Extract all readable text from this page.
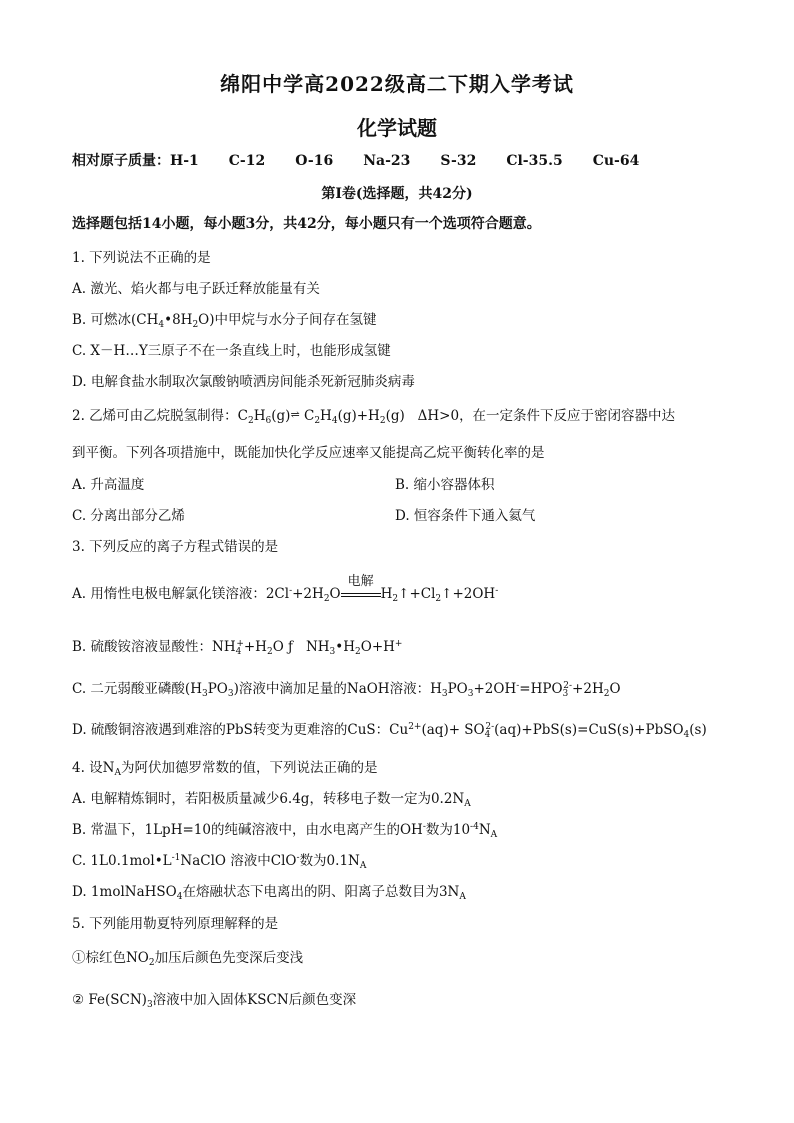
绵阳中学高2022级高二下期入学考试
化学试题
相对原子质量：H-1 C-12 O-16 Na-23 S-32 Cl-35.5 Cu-64
第Ⅰ卷(选择题，共42分)
选择题包括14小题，每小题3分，共42分，每小题只有一个选项符合题意。
1. 下列说法不正确的是
A. 激光、焰火都与电子跃迁释放能量有关
B. 可燃冰$(CH_4•8H_2O)$中甲烷与水分子间存在氢键
C. X－H…Y三原子不在一条直线上时，也能形成氢键
D. 电解食盐水制取次氯酸钠喷洒房间能杀死新冠肺炎病毒
2. 乙烯可由乙烷脱氢制得：$C_2H_6(g)\rightleftharpoons$ $C_2H_4(g)+H_2(g)$ ΔH>0，在一定条件下反应于密闭容器中达
到平衡。下列各项措施中，既能加快化学反应速率又能提高乙烷平衡转化率的是
A. 升高温度	B. 缩小容器体积
C. 分离出部分乙烯	D. 恒容条件下通入氦气
3. 下列反应的离子方程式错误的是
A. 用惰性电极电解氯化镁溶液：$2Cl^-+2H_2O$
电解
$H_2↑+Cl_2↑+2OH^-$
B. 硫酸铵溶液显酸性：$NH_4^++H_2O$ ƒ $NH_3•H_2O+H^+$
C. 二元弱酸亚磷酸$(H_3PO_3)$溶液中滴加足量的NaOH溶液：$H_3PO_3+2OH^-=HPO_3^{2-}+2H_2O$
D. 硫酸铜溶液遇到难溶的PbS转变为更难溶的CuS：$Cu^{2+}(aq)+$ $SO_4^{2-}(aq)+PbS(s)=CuS(s)+PbSO_4(s)$
4. 设$N_A$为阿伏加德罗常数的值，下列说法正确的是
A. 电解精炼铜时，若阳极质量减少6.4g，转移电子数一定为$0.2N_A$
B. 常温下，1LpH=10的纯碱溶液中，由水电离产生的OH-数为$10^{-4}N_A$
C. $1L0.1mol•L^{-1}NaClO$ 溶液中ClO-数为$0.1N_A$
D. 1molNaHSO$_4$在熔融状态下电离出的阴、阳离子总数目为$3N_A$
5. 下列能用勒夏特列原理解释的是
①棕红色$NO_2$加压后颜色先变深后变浅
② $Fe(SCN)_3$溶液中加入固体KSCN后颜色变深
